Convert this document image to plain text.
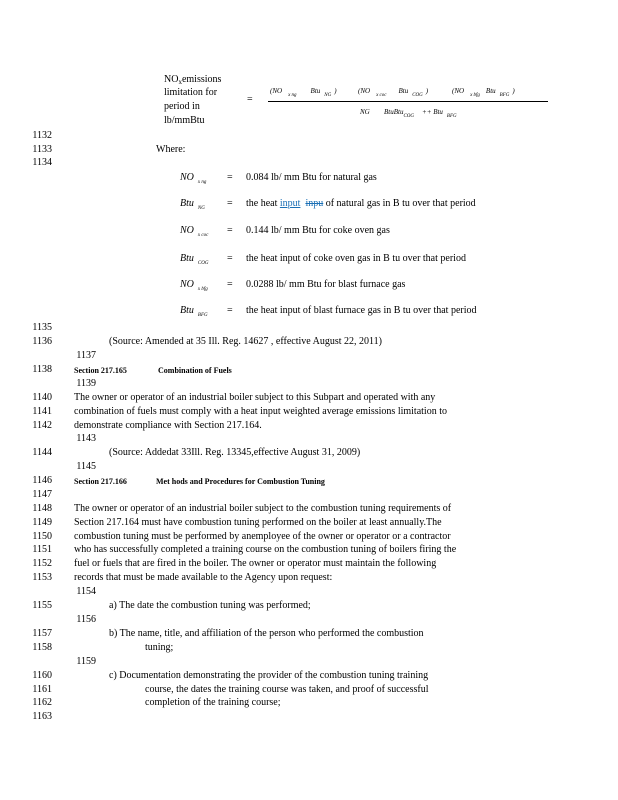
$NO_xemissions$
limitation for
period in
lb/mmBtu
=
$(NO_{x ng}Btu_{NG})$	$(NO_{x coc}Btu_{COG})$	$(NO_{x bfg}Btu_{BFG})$
NG BtuBtu$_{COG}$
++ Btu$_{BFG}$
1132
1133
1134
1135
1136
1137
1138
1139
1140
1141
1142
1143
1144
1145
1146
1147
1148
1149
1150
1151
1152
1153
1154
1155
1156
1157
1158
1159
1160
1161
1162
1163
Where:
NO $_{x ng}$ = 0.084 lb/ mm Btu for natural gas
Btu $_{NG}$ = the heat input inpu of natural gas in B tu over that period
NO $_{x coc}$ = 0.144 lb/ mm Btu for coke oven gas
Btu $_{COG}$ = the heat input of coke oven gas in B tu over that period
NO $_{x bfg}$ = 0.0288 lb/ mm Btu for blast furnace gas
Btu $_{BFG}$ = the heat input of blast furnace gas in B tu over that period
(Source: Amended at 35 Ill. Reg. 14627 , effective August 22, 2011)
Section 217.165	Combination of Fuels
The owner or operator of an industrial boiler subject to this Subpart and operated with any
combination of fuels must comply with a heat input weighted average emissions limitation to
demonstrate compliance with Section 217.164.
(Source: Addedat 33Ill. Reg. 13345,effective August 31, 2009)
Section 217.166	Met hods and Procedures for Combustion Tuning
The owner or operator of an industrial boiler subject to the combustion tuning requirements of
Section 217.164 must have combustion tuning performed on the boiler at least annually.The
combustion tuning must be performed by anemployee of the owner or operator or a contractor
who has successfully completed a training course on the combustion tuning of boilers firing the
fuel or fuels that are fired in the boiler. The owner or operator must maintain the following
records that must be made available to the Agency upon request:
a) The date the combustion tuning was performed;
b) The name, title, and affiliation of the person who performed the combustion
tuning;
c) Documentation demonstrating the provider of the combustion tuning training
course, the dates the training course was taken, and proof of successful
completion of the training course;
